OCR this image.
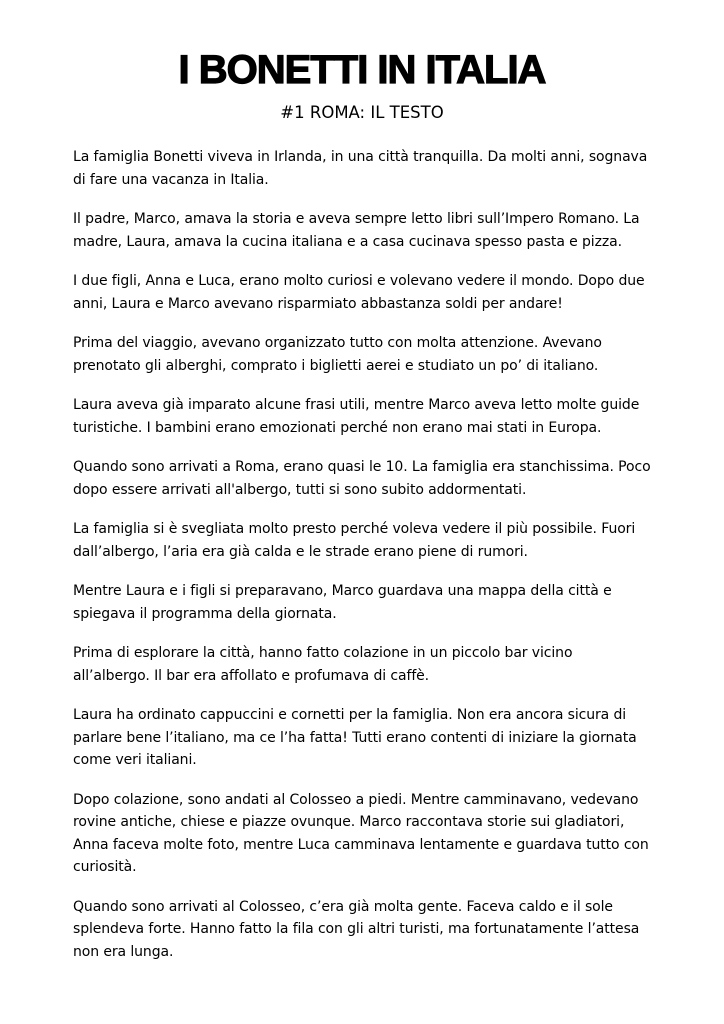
I BONETTI IN ITALIA
#1 ROMA: IL TESTO

La famiglia Bonetti viveva in Irlanda, in una città tranquilla. Da molti anni, sognava di fare una vacanza in Italia.

Il padre, Marco, amava la storia e aveva sempre letto libri sull’Impero Romano. La madre, Laura, amava la cucina italiana e a casa cucinava spesso pasta e pizza.

I due figli, Anna e Luca, erano molto curiosi e volevano vedere il mondo. Dopo due anni, Laura e Marco avevano risparmiato abbastanza soldi per andare!

Prima del viaggio, avevano organizzato tutto con molta attenzione. Avevano prenotato gli alberghi, comprato i biglietti aerei e studiato un po’ di italiano.

Laura aveva già imparato alcune frasi utili, mentre Marco aveva letto molte guide turistiche. I bambini erano emozionati perché non erano mai stati in Europa.

Quando sono arrivati a Roma, erano quasi le 10. La famiglia era stanchissima. Poco dopo essere arrivati all'albergo, tutti si sono subito addormentati.

La famiglia si è svegliata molto presto perché voleva vedere il più possibile. Fuori dall’albergo, l’aria era già calda e le strade erano piene di rumori.

Mentre Laura e i figli si preparavano, Marco guardava una mappa della città e spiegava il programma della giornata.

Prima di esplorare la città, hanno fatto colazione in un piccolo bar vicino all’albergo. Il bar era affollato e profumava di caffè.

Laura ha ordinato cappuccini e cornetti per la famiglia. Non era ancora sicura di parlare bene l’italiano, ma ce l’ha fatta! Tutti erano contenti di iniziare la giornata come veri italiani.

Dopo colazione, sono andati al Colosseo a piedi. Mentre camminavano, vedevano rovine antiche, chiese e piazze ovunque. Marco raccontava storie sui gladiatori, Anna faceva molte foto, mentre Luca camminava lentamente e guardava tutto con curiosità.

Quando sono arrivati al Colosseo, c’era già molta gente. Faceva caldo e il sole splendeva forte. Hanno fatto la fila con gli altri turisti, ma fortunatamente l’attesa non era lunga.
